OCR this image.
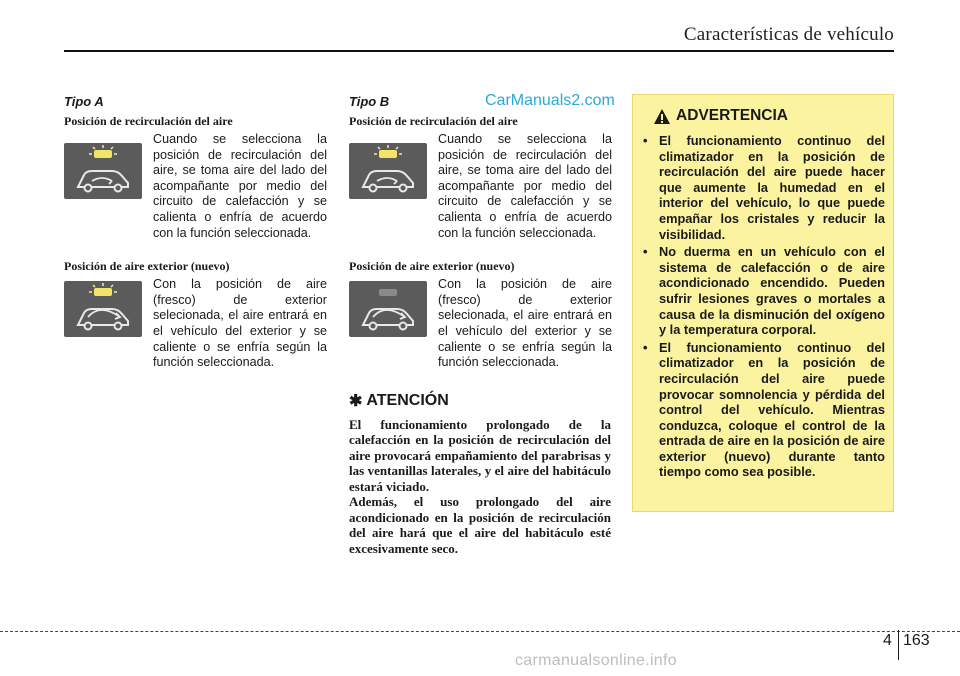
Características de vehículo
Tipo A
Posición de recirculación del aire

Cuando se selecciona la posición de recirculación del aire, se toma aire del lado del acompañante por medio del circuito de calefacción y se calienta o enfría de acuerdo con la función seleccionada.

Posición de aire exterior (nuevo)

Con la posición de aire (fresco) de exterior selecionada, el aire entrará en el vehículo del exterior y se caliente o se enfría según la función seleccionada.

Tipo B
Posición de recirculación del aire

Cuando se selecciona la posición de recirculación del aire, se toma aire del lado del acompañante por medio del circuito de calefacción y se calienta o enfría de acuerdo con la función seleccionada.

Posición de aire exterior (nuevo)

Con la posición de aire (fresco) de exterior selecionada, el aire entrará en el vehículo del exterior y se caliente o se enfría según la función seleccionada.

✱ ATENCIÓN

El funcionamiento prolongado de la calefacción en la posición de recirculación del aire provocará empañamiento del parabrisas y las ventanillas laterales, y el aire del habitáculo estará viciado.
Además, el uso prolongado del aire acondicionado en la posición de recirculación del aire hará que el aire del habitáculo esté excesivamente seco.

CarManuals2.com
ADVERTENCIA
• El funcionamiento continuo del climatizador en la posición de recirculación del aire puede hacer que aumente la humedad en el interior del vehículo, lo que puede empañar los cristales y reducir la visibilidad.
• No duerma en un vehículo con el sistema de calefacción o de aire acondicionado encendido. Pueden sufrir lesiones graves o mortales a causa de la disminución del oxígeno y la temperatura corporal.
• El funcionamiento continuo del climatizador en la posición de recirculación del aire puede provocar somnolencia y pérdida del control del vehículo. Mientras conduzca, coloque el control de la entrada de aire en la posición de aire exterior (nuevo) durante tanto tiempo como sea posible.
4 163
carmanualsonline.info
